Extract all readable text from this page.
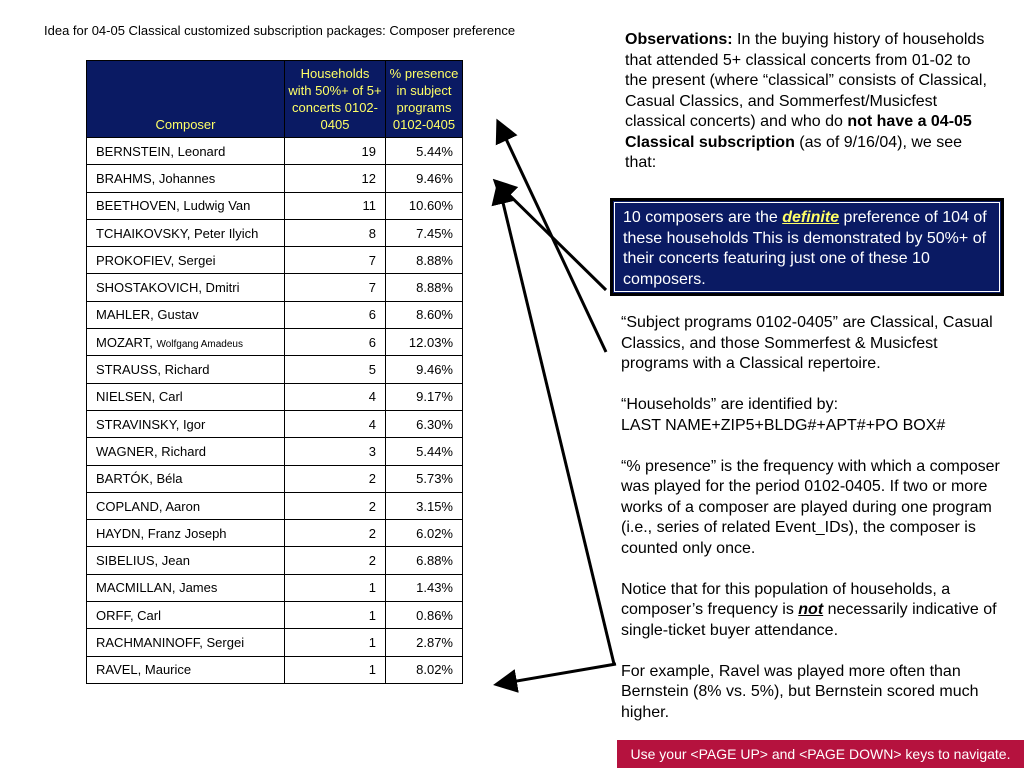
Idea for 04-05 Classical customized subscription packages: Composer preference
Composer	Households with 50%+ of 5+ concerts 0102-0405	% presence in subject programs 0102-0405
BERNSTEIN, Leonard	19	5.44%
BRAHMS, Johannes	12	9.46%
BEETHOVEN, Ludwig Van	11	10.60%
TCHAIKOVSKY, Peter Ilyich	8	7.45%
PROKOFIEV, Sergei	7	8.88%
SHOSTAKOVICH, Dmitri	7	8.88%
MAHLER, Gustav	6	8.60%
MOZART, Wolfgang Amadeus	6	12.03%
STRAUSS, Richard	5	9.46%
NIELSEN, Carl	4	9.17%
STRAVINSKY, Igor	4	6.30%
WAGNER, Richard	3	5.44%
BARTÓK, Béla	2	5.73%
COPLAND, Aaron	2	3.15%
HAYDN, Franz Joseph	2	6.02%
SIBELIUS, Jean	2	6.88%
MACMILLAN, James	1	1.43%
ORFF, Carl	1	0.86%
RACHMANINOFF, Sergei	1	2.87%
RAVEL, Maurice	1	8.02%
Observations: In the buying history of households that attended 5+ classical concerts from 01-02 to the present (where “classical” consists of Classical, Casual Classics, and Sommerfest/Musicfest classical concerts) and who do not have a 04-05 Classical subscription (as of 9/16/04), we see that:
10 composers are the definite preference of 104 of these households This is demonstrated by 50%+ of their concerts featuring just one of these 10 composers.

“Subject programs 0102-0405” are Classical, Casual Classics, and those Sommerfest & Musicfest programs with a Classical repertoire.

“Households” are identified by:
LAST NAME+ZIP5+BLDG#+APT#+PO BOX#

“% presence” is the frequency with which a composer was played for the period 0102-0405. If two or more works of a composer are played during one program (i.e., series of related Event_IDs), the composer is counted only once.

Notice that for this population of households, a composer’s frequency is not necessarily indicative of single-ticket buyer attendance.

For example, Ravel was played more often than Bernstein (8% vs. 5%), but Bernstein scored much higher.

Use your <PAGE UP> and <PAGE DOWN> keys to navigate.
